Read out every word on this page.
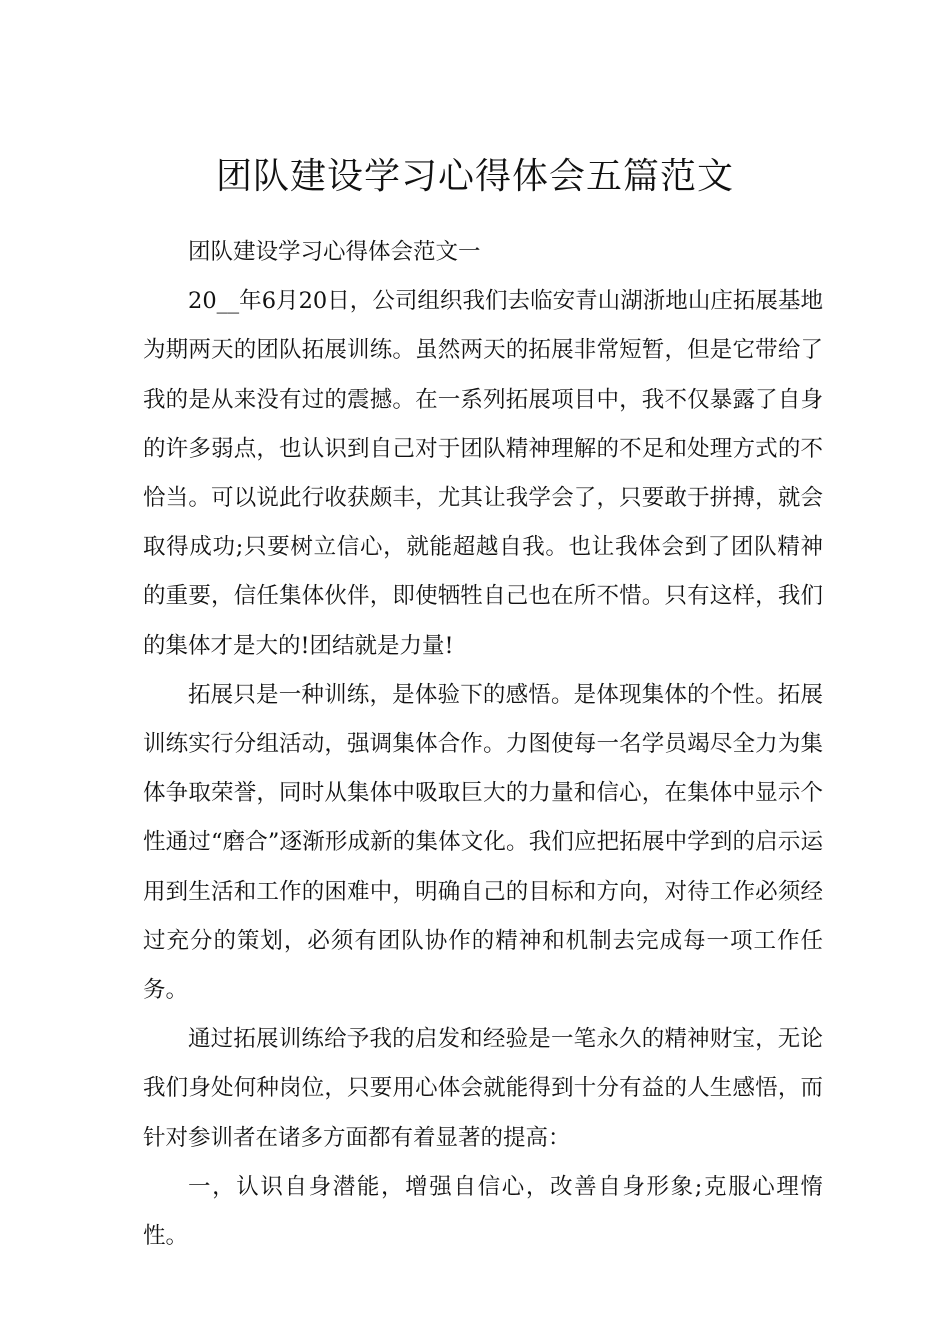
团队建设学习心得体会五篇范文

团队建设学习心得体会范文一

20__年6月20日，公司组织我们去临安青山湖浙地山庄拓展基地为期两天的团队拓展训练。虽然两天的拓展非常短暂，但是它带给了我的是从来没有过的震撼。在一系列拓展项目中，我不仅暴露了自身的许多弱点，也认识到自己对于团队精神理解的不足和处理方式的不恰当。可以说此行收获颇丰，尤其让我学会了，只要敢于拼搏，就会取得成功;只要树立信心，就能超越自我。也让我体会到了团队精神的重要，信任集体伙伴，即使牺牲自己也在所不惜。只有这样，我们的集体才是大的!团结就是力量!

拓展只是一种训练，是体验下的感悟。是体现集体的个性。拓展训练实行分组活动，强调集体合作。力图使每一名学员竭尽全力为集体争取荣誉，同时从集体中吸取巨大的力量和信心，在集体中显示个性通过“磨合”逐渐形成新的集体文化。我们应把拓展中学到的启示运用到生活和工作的困难中，明确自己的目标和方向，对待工作必须经过充分的策划，必须有团队协作的精神和机制去完成每一项工作任务。

通过拓展训练给予我的启发和经验是一笔永久的精神财宝，无论我们身处何种岗位，只要用心体会就能得到十分有益的人生感悟，而针对参训者在诸多方面都有着显著的提高：

一，认识自身潜能，增强自信心，改善自身形象;克服心理惰性。
